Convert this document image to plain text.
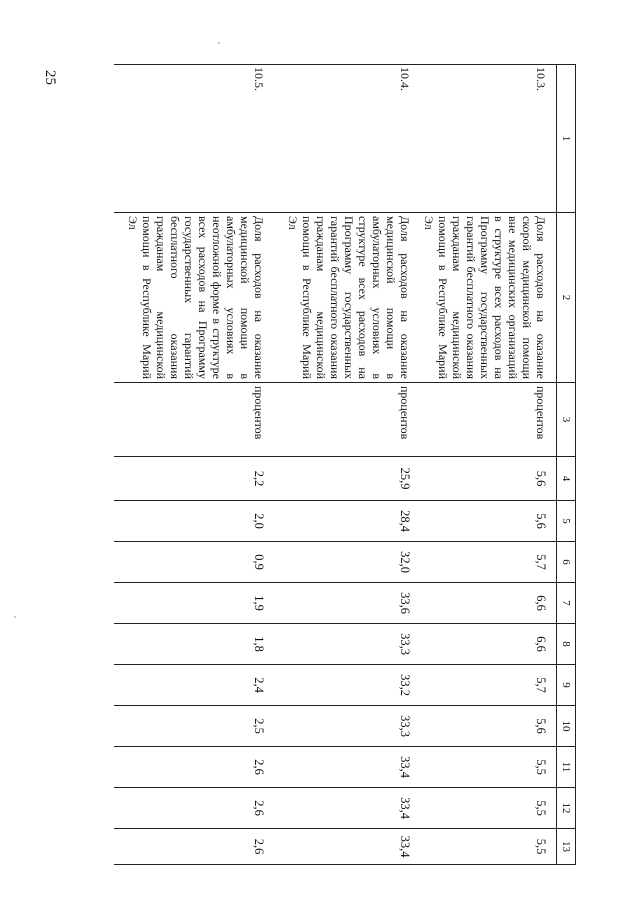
25
1	2	3	4	5	6	7	8	9	10	11	12	13
10.3.	Доля расходов на оказание скорой медицинской помощи вне медицинских организаций в структуре всех расходов на Программу государственных гарантий бесплатного оказания гражданам медицинской помощи в Республике Марий Эл	процентов	5,6	5,6	5,7	6,6	6,6	5,7	5,6	5,5	5,5	5,5
10.4.	Доля расходов на оказание медицинской помощи в амбулаторных условиях в структуре всех расходов на Программу государственных гарантий бесплатного оказания гражданам медицинской помощи в Республике Марий Эл	процентов	25,9	28,4	32,0	33,6	33,3	33,2	33,3	33,4	33,4	33,4
10.5.	Доля расходов на оказание медицинской помощи в амбулаторных условиях в неотложной форме в структуре всех расходов на Программу государственных гарантий бесплатного оказания гражданам медицинской помощи в Республике Марий Эл	процентов	2,2	2,0	0,9	1,9	1,8	2,4	2,5	2,6	2,6	2,6
